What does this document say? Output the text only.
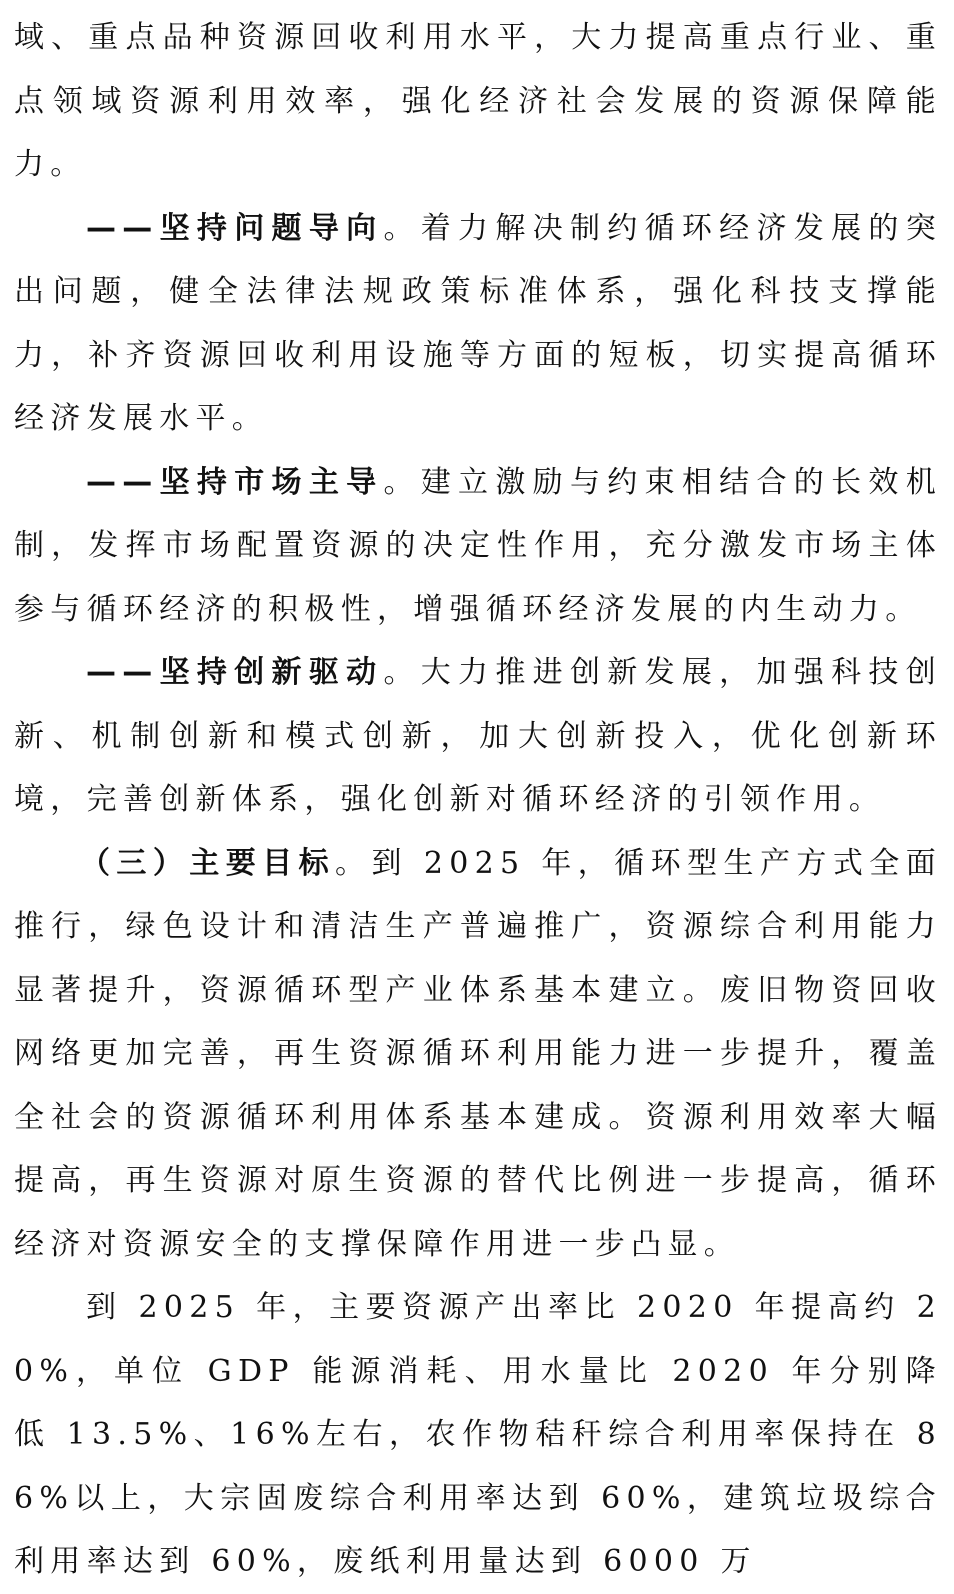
域、重点品种资源回收利用水平，大力提高重点行业、重点领域资源利用效率，强化经济社会发展的资源保障能力。

——坚持问题导向。着力解决制约循环经济发展的突出问题，健全法律法规政策标准体系，强化科技支撑能力，补齐资源回收利用设施等方面的短板，切实提高循环经济发展水平。

——坚持市场主导。建立激励与约束相结合的长效机制，发挥市场配置资源的决定性作用，充分激发市场主体参与循环经济的积极性，增强循环经济发展的内生动力。

——坚持创新驱动。大力推进创新发展，加强科技创新、机制创新和模式创新，加大创新投入，优化创新环境，完善创新体系，强化创新对循环经济的引领作用。

（三）主要目标。到 2025 年，循环型生产方式全面推行，绿色设计和清洁生产普遍推广，资源综合利用能力显著提升，资源循环型产业体系基本建立。废旧物资回收网络更加完善，再生资源循环利用能力进一步提升，覆盖全社会的资源循环利用体系基本建成。资源利用效率大幅提高，再生资源对原生资源的替代比例进一步提高，循环经济对资源安全的支撑保障作用进一步凸显。

到 2025 年，主要资源产出率比 2020 年提高约 20%，单位 GDP 能源消耗、用水量比 2020 年分别降低 13.5%、16%左右，农作物秸秆综合利用率保持在 86%以上，大宗固废综合利用率达到 60%，建筑垃圾综合利用率达到 60%，废纸利用量达到 6000 万
